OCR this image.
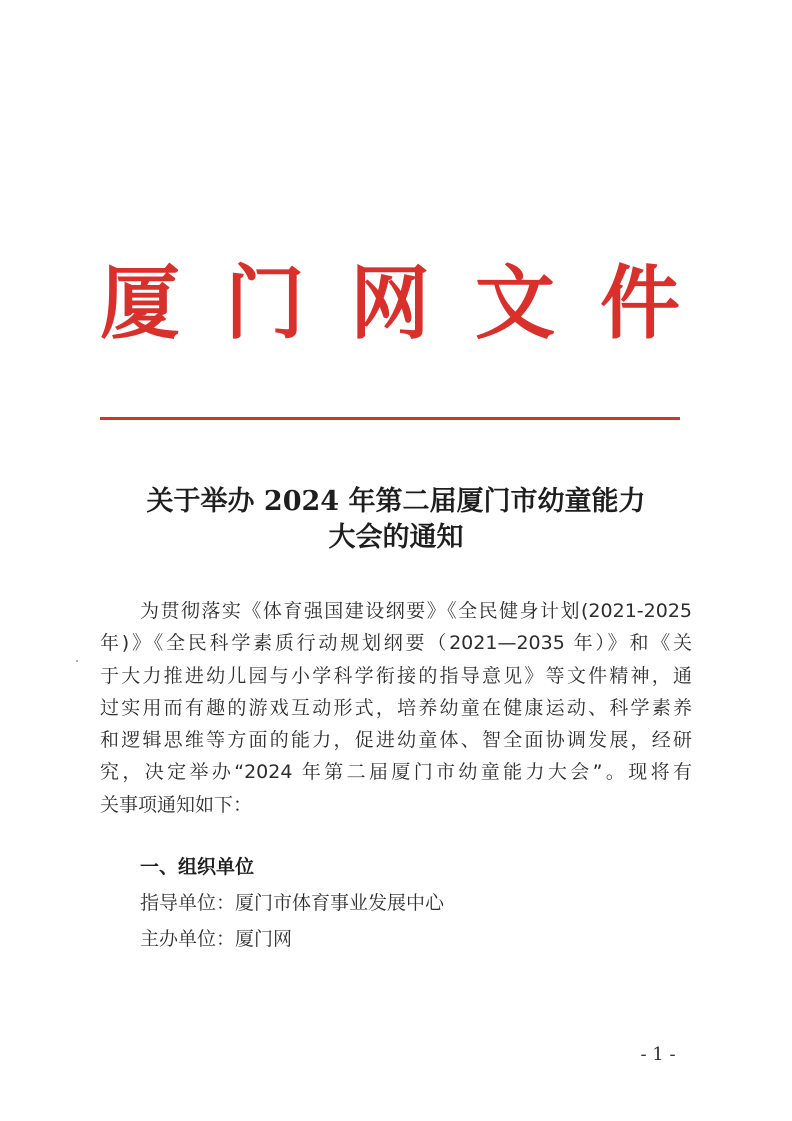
厦 门 网 文 件
关于举办 2024 年第二届厦门市幼童能力
大会的通知
为贯彻落实《体育强国建设纲要》《全民健身计划(2021-2025
年)》《全民科学素质行动规划纲要（2021—2035 年）》和《关
于大力推进幼儿园与小学科学衔接的指导意见》等文件精神，通
过实用而有趣的游戏互动形式，培养幼童在健康运动、科学素养
和逻辑思维等方面的能力，促进幼童体、智全面协调发展，经研
究，决定举办“2024 年第二届厦门市幼童能力大会”。现将有
关事项通知如下：
一、组织单位
指导单位：厦门市体育事业发展中心
主办单位：厦门网
- 1 -
